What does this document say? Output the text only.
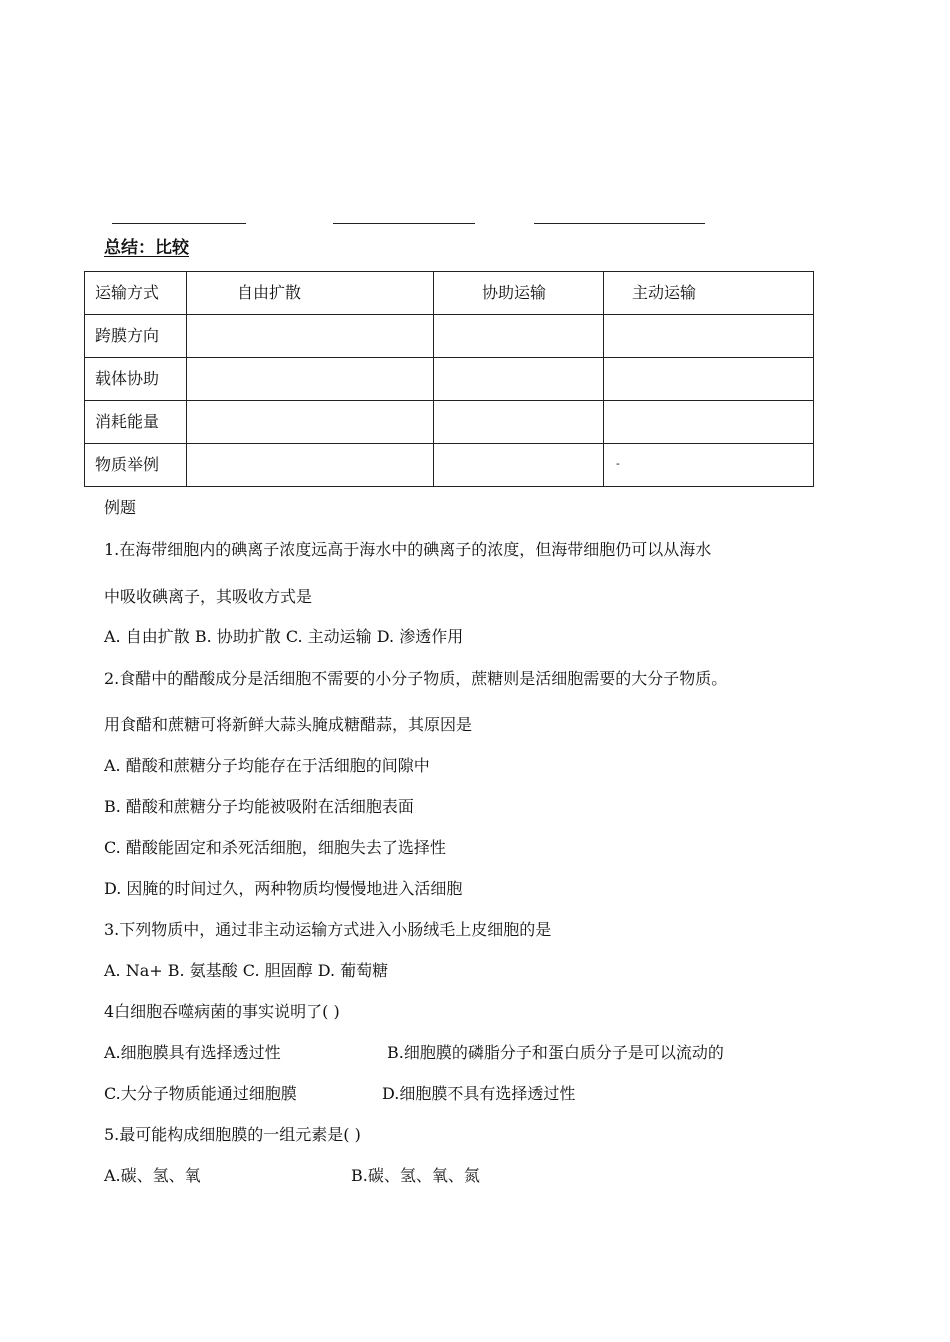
总结：比较
运输方式	自由扩散	协助运输	主动运输
跨膜方向			
载体协助			
消耗能量			
物质举例			-
例题
1.在海带细胞内的碘离子浓度远高于海水中的碘离子的浓度，但海带细胞仍可以从海水
中吸收碘离子，其吸收方式是
A. 自由扩散 B. 协助扩散 C. 主动运输 D. 渗透作用
2.食醋中的醋酸成分是活细胞不需要的小分子物质，蔗糖则是活细胞需要的大分子物质。
用食醋和蔗糖可将新鲜大蒜头腌成糖醋蒜，其原因是
A. 醋酸和蔗糖分子均能存在于活细胞的间隙中
B. 醋酸和蔗糖分子均能被吸附在活细胞表面
C. 醋酸能固定和杀死活细胞，细胞失去了选择性
D. 因腌的时间过久，两种物质均慢慢地进入活细胞
3.下列物质中，通过非主动运输方式进入小肠绒毛上皮细胞的是
A. Na+ B. 氨基酸 C. 胆固醇 D. 葡萄糖
4白细胞吞噬病菌的事实说明了( )
A.细胞膜具有选择透过性	B.细胞膜的磷脂分子和蛋白质分子是可以流动的
C.大分子物质能通过细胞膜	D.细胞膜不具有选择透过性
5.最可能构成细胞膜的一组元素是( )
A.碳、氢、氧	B.碳、氢、氧、氮
